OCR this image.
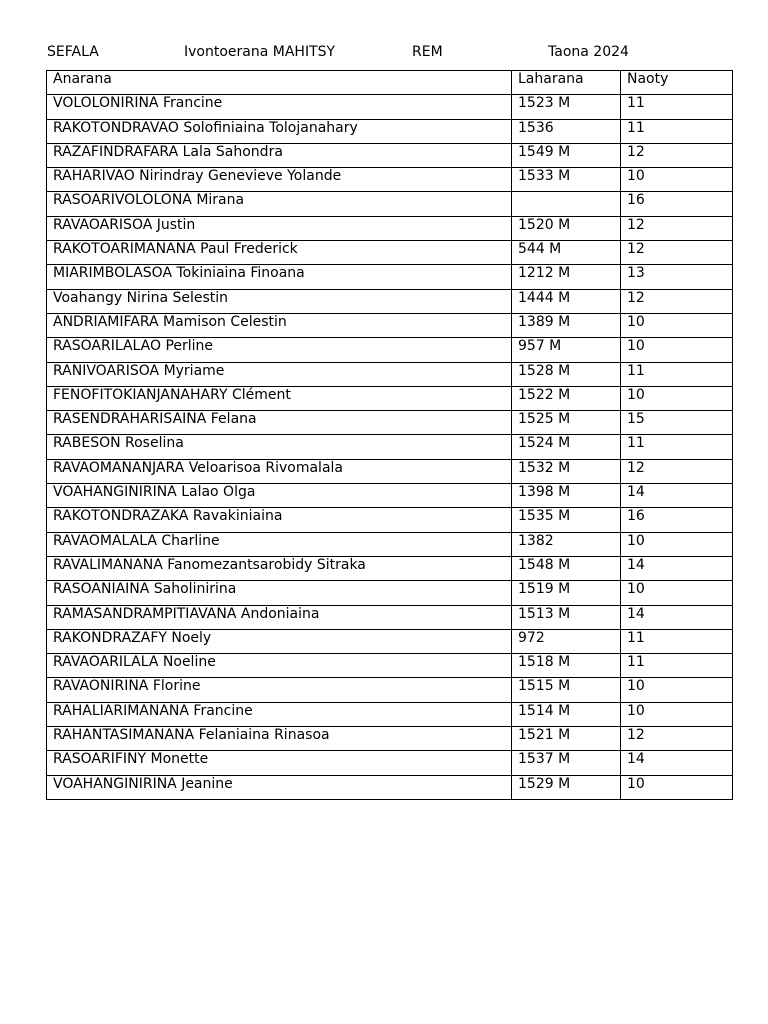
SEFALA	Ivontoerana MAHITSY	REM	Taona 2024
Anarana	Laharana	Naoty
VOLOLONIRINA Francine	1523 M	11
RAKOTONDRAVAO Solofiniaina Tolojanahary	1536	11
RAZAFINDRAFARA Lala Sahondra	1549 M	12
RAHARIVAO Nirindray Genevieve Yolande	1533 M	10
RASOARIVOLOLONA Mirana		16
RAVAOARISOA Justin	1520 M	12
RAKOTOARIMANANA Paul Frederick	544 M	12
MIARIMBOLASOA Tokiniaina Finoana	1212 M	13
Voahangy Nirina Selestin	1444 M	12
ANDRIAMIFARA Mamison Celestin	1389 M	10
RASOARILALAO Perline	957 M	10
RANIVOARISOA Myriame	1528 M	11
FENOFITOKIANJANAHARY Clément	1522 M	10
RASENDRAHARISAINA Felana	1525 M	15
RABESON Roselina	1524 M	11
RAVAOMANANJARA Veloarisoa Rivomalala	1532 M	12
VOAHANGINIRINA Lalao Olga	1398 M	14
RAKOTONDRAZAKA Ravakiniaina	1535 M	16
RAVAOMALALA Charline	1382	10
RAVALIMANANA Fanomezantsarobidy Sitraka	1548 M	14
RASOANIAINA Saholinirina	1519 M	10
RAMASANDRAMPITIAVANA Andoniaina	1513 M	14
RAKONDRAZAFY Noely	972	11
RAVAOARILALA Noeline	1518 M	11
RAVAONIRINA Florine	1515 M	10
RAHALIARIMANANA Francine	1514 M	10
RAHANTASIMANANA Felaniaina Rinasoa	1521 M	12
RASOARIFINY Monette	1537 M	14
VOAHANGINIRINA Jeanine	1529 M	10
